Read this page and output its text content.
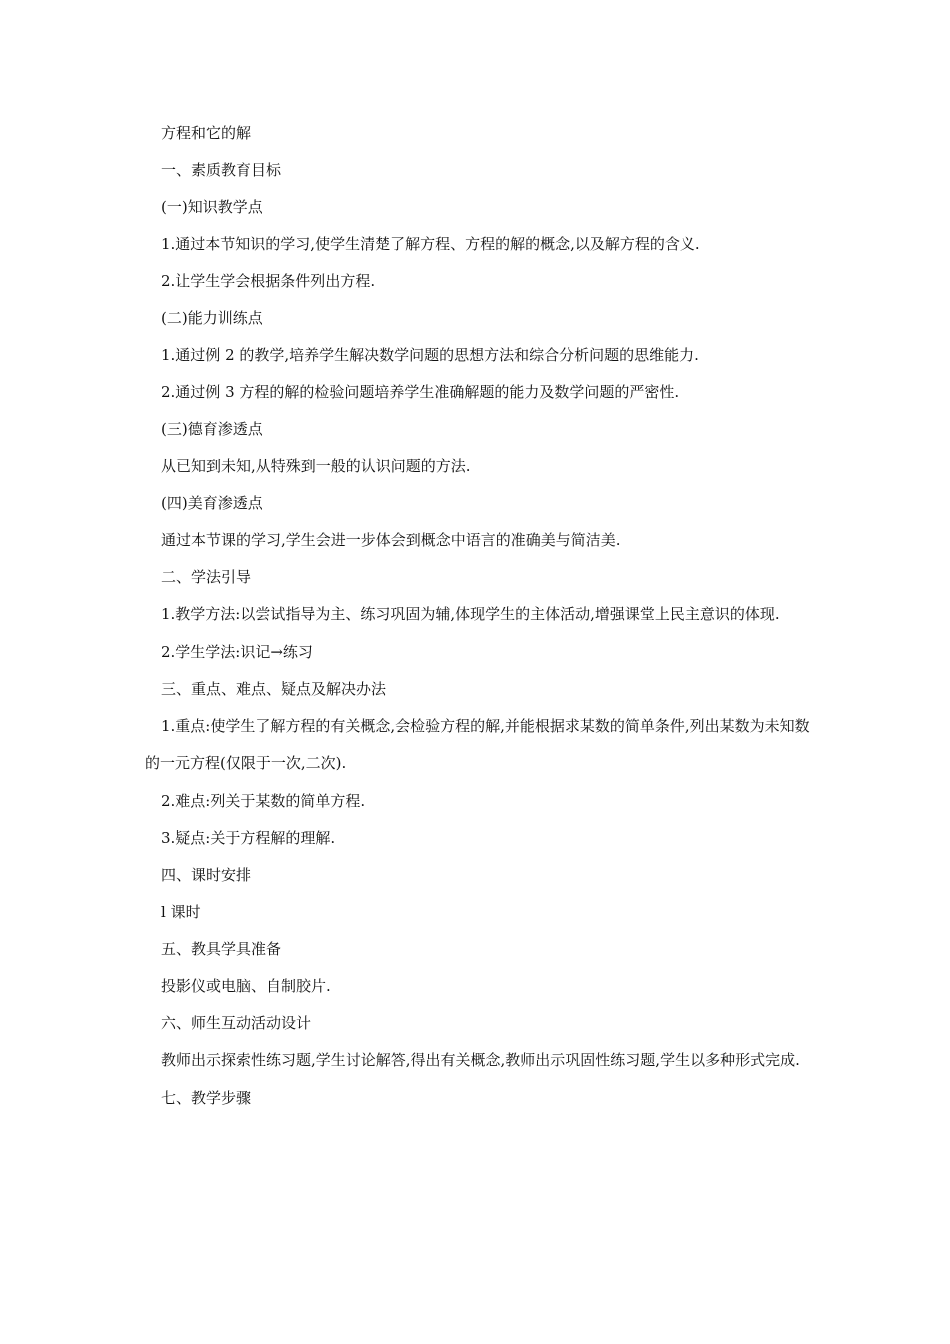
方程和它的解

一、素质教育目标

(一)知识教学点

1.通过本节知识的学习,使学生清楚了解方程、方程的解的概念,以及解方程的含义.

2.让学生学会根据条件列出方程.

(二)能力训练点

1.通过例 2 的教学,培养学生解决数学问题的思想方法和综合分析问题的思维能力.

2.通过例 3 方程的解的检验问题培养学生准确解题的能力及数学问题的严密性.

(三)德育渗透点

从已知到未知,从特殊到一般的认识问题的方法.

(四)美育渗透点

通过本节课的学习,学生会进一步体会到概念中语言的准确美与简洁美.

二、学法引导

1.教学方法:以尝试指导为主、练习巩固为辅,体现学生的主体活动,增强课堂上民主意识的体现.

2.学生学法:识记→练习

三、重点、难点、疑点及解决办法

1.重点:使学生了解方程的有关概念,会检验方程的解,并能根据求某数的简单条件,列出某数为未知数的一元方程(仅限于一次,二次).

2.难点:列关于某数的简单方程.

3.疑点:关于方程解的理解.

四、课时安排

l 课时

五、教具学具准备

投影仪或电脑、自制胶片.

六、师生互动活动设计

教师出示探索性练习题,学生讨论解答,得出有关概念,教师出示巩固性练习题,学生以多种形式完成.

七、教学步骤
